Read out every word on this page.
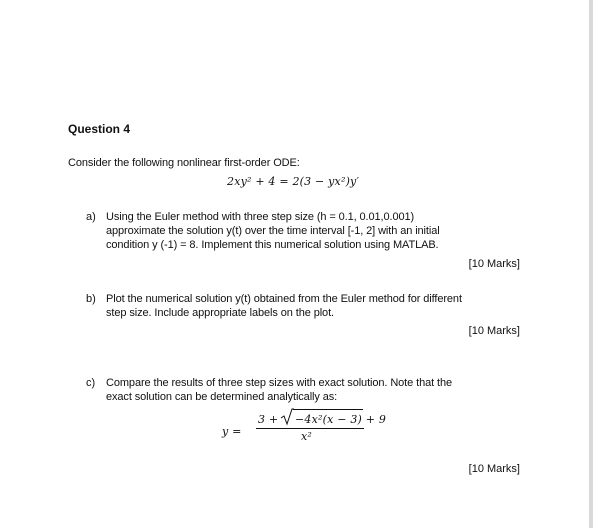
Question 4
Consider the following nonlinear first-order ODE:
2xy² + 4 = 2(3 − yx²)y′
a) Using the Euler method with three step size (h = 0.1, 0.01,0.001)
approximate the solution y(t) over the time interval [-1, 2] with an initial
condition y (-1) = 8. Implement this numerical solution using MATLAB.
[10 Marks]
b) Plot the numerical solution y(t) obtained from the Euler method for different
step size. Include appropriate labels on the plot.
[10 Marks]
c) Compare the results of three step sizes with exact solution. Note that the
exact solution can be determined analytically as:
y =
3 + −4x²(x − 3) + 9
x²
[10 Marks]
